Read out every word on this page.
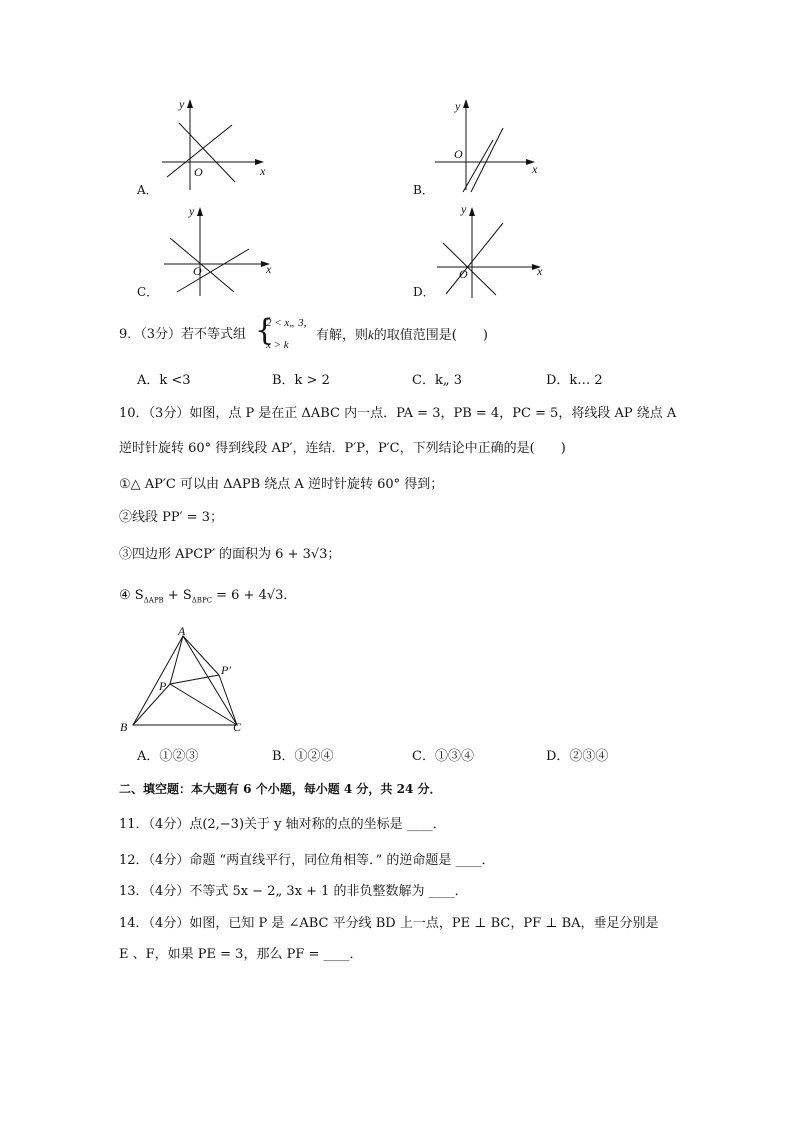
y
x
O
A．
y
x
O
B．
y
x
O
C．
y
x
O
D．
9．（3分）若不等式组 {
2 < x„ 3,
x > k
有解，则k的取值范围是(　　)
A．k <3	B．k > 2	C．k„ 3	D．k… 2
10．（3分）如图，点 P 是在正 ΔABC 内一点．PA = 3，PB = 4，PC = 5，将线段 AP 绕点 A
逆时针旋转 60° 得到线段 AP′，连结．P′P，P′C，下列结论中正确的是(　　)
①△ AP′C 可以由 ΔAPB 绕点 A 逆时针旋转 60° 得到；
②线段 PP′ = 3；
③四边形 APCP′ 的面积为 6 + 3√3；
④ $S_{\Delta APB} + S_{\Delta BPC} = 6 + 4√3$．
A
B	C
P
P′
A．①②③	B．①②④	C．①③④	D．②③④
二、填空题：本大题有 6 个小题，每小题 4 分，共 24 分．
11．（4分）点(2,−3)关于 y 轴对称的点的坐标是 ____．
12．（4分）命题 “两直线平行，同位角相等．” 的逆命题是 ____．
13．（4分）不等式 5x − 2„ 3x + 1 的非负整数解为 ____．
14．（4分）如图，已知 P 是 ∠ABC 平分线 BD 上一点，PE ⊥ BC，PF ⊥ BA，垂足分别是
E 、F，如果 PE = 3，那么 PF = ____．
